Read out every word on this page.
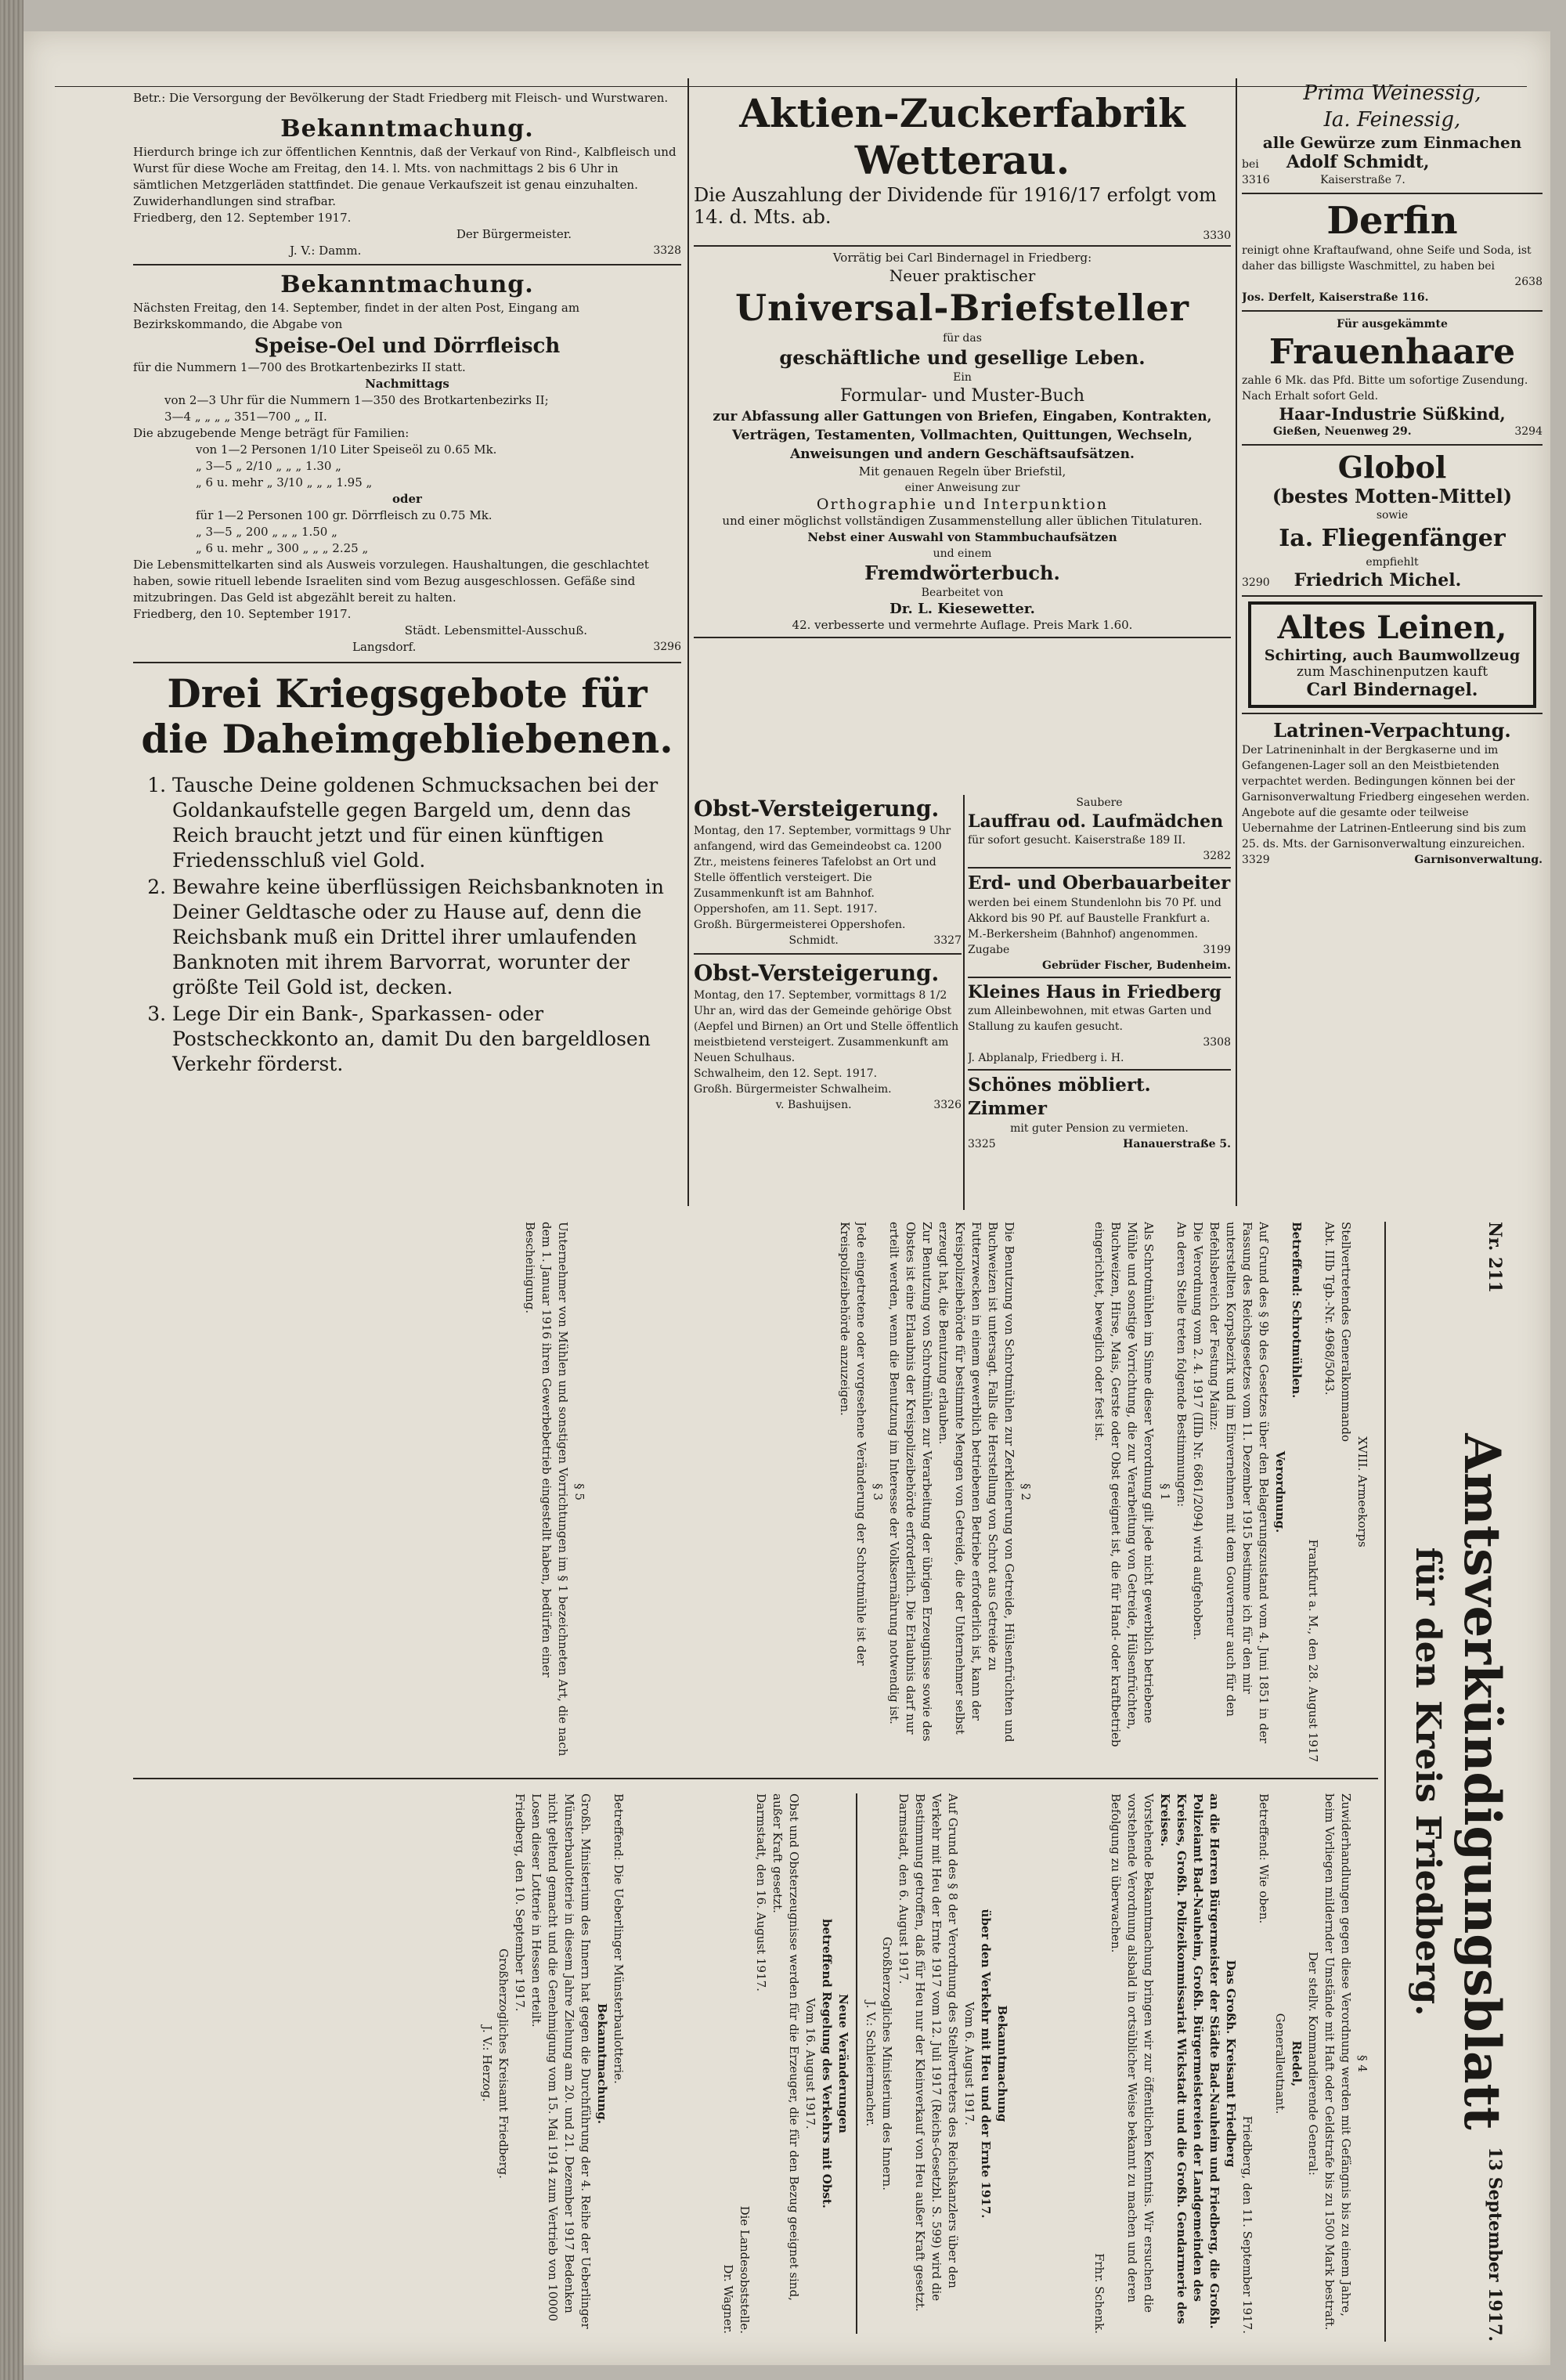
Betr.: Die Versorgung der Bevölkerung der Stadt Friedberg mit Fleisch- und Wurstwaren.

Bekanntmachung.

Hierdurch bringe ich zur öffentlichen Kenntnis, daß der Verkauf von Rind-, Kalbfleisch und Wurst für diese Woche am Freitag, den 14. l. Mts. von nachmittags 2 bis 6 Uhr in sämtlichen Metzgerläden stattfindet. Die genaue Verkaufszeit ist genau einzuhalten. Zuwiderhandlungen sind strafbar.

Friedberg, den 12. September 1917.

Der Bürgermeister.

J. V.: Damm.	3328

Bekanntmachung.

Nächsten Freitag, den 14. September, findet in der alten Post, Eingang am Bezirkskommando, die Abgabe von

Speise-Oel und Dörrfleisch

für die Nummern 1—700 des Brotkartenbezirks II statt.

Nachmittags

von 2—3 Uhr für die Nummern 1—350 des Brotkartenbezirks II;

3—4 „ „ „ „ 351—700 „ „ II.

Die abzugebende Menge beträgt für Familien:

von 1—2 Personen 1/10 Liter Speiseöl zu 0.65 Mk.

„ 3—5 „ 2/10 „ „ „ 1.30 „

„ 6 u. mehr „ 3/10 „ „ „ 1.95 „

oder

für 1—2 Personen 100 gr. Dörrfleisch zu 0.75 Mk.

„ 3—5 „ 200 „ „ „ 1.50 „

„ 6 u. mehr „ 300 „ „ „ 2.25 „

Die Lebensmittelkarten sind als Ausweis vorzulegen. Haushaltungen, die geschlachtet haben, sowie rituell lebende Israeliten sind vom Bezug ausgeschlossen. Gefäße sind mitzubringen. Das Geld ist abgezählt bereit zu halten.

Friedberg, den 10. September 1917.

Städt. Lebensmittel-Ausschuß.

Langsdorf.	3296

Drei Kriegsgebote für die Daheimgebliebenen.
1. Tausche Deine goldenen Schmucksachen bei der Goldankaufstelle gegen Bargeld um, denn das Reich braucht jetzt und für einen künftigen Friedensschluß viel Gold.
2. Bewahre keine überflüssigen Reichsbanknoten in Deiner Geldtasche oder zu Hause auf, denn die Reichsbank muß ein Drittel ihrer umlaufenden Banknoten mit ihrem Barvorrat, worunter der größte Teil Gold ist, decken.
3. Lege Dir ein Bank-, Sparkassen- oder Postscheckkonto an, damit Du den bargeldlosen Verkehr förderst.
Aktien-Zuckerfabrik Wetterau.

Die Auszahlung der Dividende für 1916/17 erfolgt vom 14. d. Mts. ab.

3330

Vorrätig bei Carl Bindernagel in Friedberg:

Neuer praktischer

Universal-Briefsteller

für das

geschäftliche und gesellige Leben.

Ein

Formular- und Muster-Buch

zur Abfassung aller Gattungen von Briefen, Eingaben, Kontrakten, Verträgen, Testamenten, Vollmachten, Quittungen, Wechseln, Anweisungen und andern Geschäftsaufsätzen.

Mit genauen Regeln über Briefstil,

einer Anweisung zur

Orthographie und Interpunktion

und einer möglichst vollständigen Zusammenstellung aller üblichen Titulaturen.

Nebst einer Auswahl von Stammbuchaufsätzen

und einem

Fremdwörterbuch.

Bearbeitet von

Dr. L. Kiesewetter.

42. verbesserte und vermehrte Auflage. Preis Mark 1.60.

Obst-Versteigerung.

Montag, den 17. September, vormittags 9 Uhr anfangend, wird das Gemeindeobst ca. 1200 Ztr., meistens feineres Tafelobst an Ort und Stelle öffentlich versteigert. Die Zusammenkunft ist am Bahnhof.

Oppershofen, am 11. Sept. 1917.

Großh. Bürgermeisterei Oppershofen.

Schmidt.	3327

Obst-Versteigerung.

Montag, den 17. September, vormittags 8 1/2 Uhr an, wird das der Gemeinde gehörige Obst (Aepfel und Birnen) an Ort und Stelle öffentlich meistbietend versteigert. Zusammenkunft am Neuen Schulhaus.

Schwalheim, den 12. Sept. 1917.

Großh. Bürgermeister Schwalheim.

v. Bashuijsen.	3326

Saubere

Lauffrau od. Laufmädchen

für sofort gesucht. Kaiserstraße 189 II.

3282

Erd- und Oberbauarbeiter

werden bei einem Stundenlohn bis 70 Pf. und Akkord bis 90 Pf. auf Baustelle Frankfurt a. M.-Berkersheim (Bahnhof) angenommen.

Zugabe	3199

Gebrüder Fischer, Budenheim.

Kleines Haus in Friedberg

zum Alleinbewohnen, mit etwas Garten und Stallung zu kaufen gesucht.

3308

J. Abplanalp, Friedberg i. H.

Schönes möbliert. Zimmer

mit guter Pension zu vermieten.

3325	Hanauerstraße 5.

Prima Weinessig,

Ia. Feinessig,

alle Gewürze zum Einmachen

bei Adolf Schmidt,

3316	Kaiserstraße 7.

Derfin

reinigt ohne Kraftaufwand, ohne Seife und Soda, ist daher das billigste Waschmittel, zu haben bei

2638

Jos. Derfelt, Kaiserstraße 116.

Für ausgekämmte

Frauenhaare

zahle 6 Mk. das Pfd. Bitte um sofortige Zusendung. Nach Erhalt sofort Geld.

Haar-Industrie Süßkind,

Gießen, Neuenweg 29.	3294

Globol

(bestes Motten-Mittel)

sowie

Ia. Fliegenfänger

empfiehlt

3290 Friedrich Michel.

Altes Leinen,

Schirting, auch Baumwollzeug

zum Maschinenputzen kauft

Carl Bindernagel.

Latrinen-Verpachtung.

Der Latrineninhalt in der Bergkaserne und im Gefangenen-Lager soll an den Meistbietenden verpachtet werden. Bedingungen können bei der Garnisonverwaltung Friedberg eingesehen werden. Angebote auf die gesamte oder teilweise Uebernahme der Latrinen-Entleerung sind bis zum 25. ds. Mts. der Garnisonverwaltung einzureichen.

3329	Garnisonverwaltung.

Nr. 211
Amtsverkündigungsblatt
für den Kreis Friedberg.
13 September 1917.

XVIII. Armeekorps

Stellvertretendes Generalkommando

Abt. IIIb Tgb.-Nr. 4968/5043.

Frankfurt a. M., den 28. August 1917

Betreffend: Schrotmühlen.

Verordnung.

Auf Grund des § 9b des Gesetzes über den Belagerungszustand vom 4. Juni 1851 in der Fassung des Reichsgesetzes vom 11. Dezember 1915 bestimme ich für den mir unterstellten Korpsbezirk und im Einvernehmen mit dem Gouverneur auch für den Befehlsbereich der Festung Mainz:

Die Verordnung vom 2. 4. 1917 (IIIb Nr. 6861/2094) wird aufgehoben.

An deren Stelle treten folgende Bestimmungen:

§ 1

Als Schrotmühlen im Sinne dieser Verordnung gilt jede nicht gewerblich betriebene Mühle und sonstige Vorrichtung, die zur Verarbeitung von Getreide, Hülsenfrüchten, Buchweizen, Hirse, Mais, Gerste oder Obst geeignet ist, die für Hand- oder kraftbetrieb eingerichtet, beweglich oder fest ist.

§ 2

Die Benutzung von Schrotmühlen zur Zerkleinerung von Getreide, Hülsenfrüchten und Buchweizen ist untersagt. Falls die Herstellung von Schrot aus Getreide zu Futterzwecken in einem gewerblich betriebenen Betriebe erforderlich ist, kann der Kreispolizeibehörde für bestimmte Mengen von Getreide, die der Unternehmer selbst erzeugt hat, die Benutzung erlauben.

Zur Benutzung von Schrotmühlen zur Verarbeitung der übrigen Erzeugnisse sowie des Obstes ist eine Erlaubnis der Kreispolizeibehörde erforderlich. Die Erlaubnis darf nur erteilt werden, wenn die Benutzung im Interesse der Volksernährung notwendig ist.

§ 3

Jede eingetretene oder vorgesehene Veränderung der Schrotmühle ist der Kreispolizeibehörde anzuzeigen.

§ 5

Unternehmer von Mühlen und sonstigen Vorrichtungen im § 1 bezeichneten Art, die nach dem 1. Januar 1916 ihren Gewerbebetrieb eingestellt haben, bedürfen einer Bescheinigung.

§ 4

Zuwiderhandlungen gegen diese Verordnung werden mit Gefängnis bis zu einem Jahre, beim Vorliegen mildernder Umstände mit Haft oder Geldstrafe bis zu 1500 Mark bestraft.

Der stellv. Kommandierende General:

Riedel,

Generalleutnant.

Betreffend: Wie oben.

Friedberg, den 11. September 1917.

Das Großh. Kreisamt Friedberg

an die Herren Bürgermeister der Städte Bad-Nauheim und Friedberg, die Großh. Polizeiamt Bad-Nauheim, Großh. Bürgermeistereien der Landgemeinden des Kreises, Großh. Polizeikommissariat Wickstadt und die Großh. Gendarmerie des Kreises.

Vorstehende Bekanntmachung bringen wir zur öffentlichen Kenntnis. Wir ersuchen die vorstehende Verordnung alsbald in ortsüblicher Weise bekannt zu machen und deren Befolgung zu überwachen.

Frhr. Schenk.

Bekanntmachung

über den Verkehr mit Heu und der Ernte 1917.

Vom 6. August 1917.

Auf Grund des § 8 der Verordnung des Stellvertreters des Reichskanzlers über den Verkehr mit Heu der Ernte 1917 vom 12. Juli 1917 (Reichs-Gesetzbl. S. 599) wird die Bestimmung getroffen, daß für Heu nur der Kleinverkauf von Heu außer Kraft gesetzt.

Darmstadt, den 6. August 1917.

Großherzogliches Ministerium des Innern.

J. V.: Schleiermacher.

Neue Veränderungen

betreffend Regelung des Verkehrs mit Obst.

Vom 16. August 1917.

Obst und Obsterzeugnisse werden für die Erzeuger, die für den Bezug geeignet sind, außer Kraft gesetzt.

Darmstadt, den 16. August 1917.

Die Landesobststelle.

Dr. Wagner.

Betreffend: Die Ueberlinger Münsterbaulotterie.

Bekanntmachung.

Großh. Ministerium des Innern hat gegen die Durchführung der 4. Reihe der Ueberlinger Münsterbaulotterie in diesem Jahre Ziehung am 20. und 21. Dezember 1917 Bedenken nicht geltend gemacht und die Genehmigung vom 15. Mai 1914 zum Vertrieb von 10000 Losen dieser Lotterie in Hessen erteilt.

Friedberg, den 10. September 1917.

Großherzogliches Kreisamt Friedberg.

J. V.: Herzog.
